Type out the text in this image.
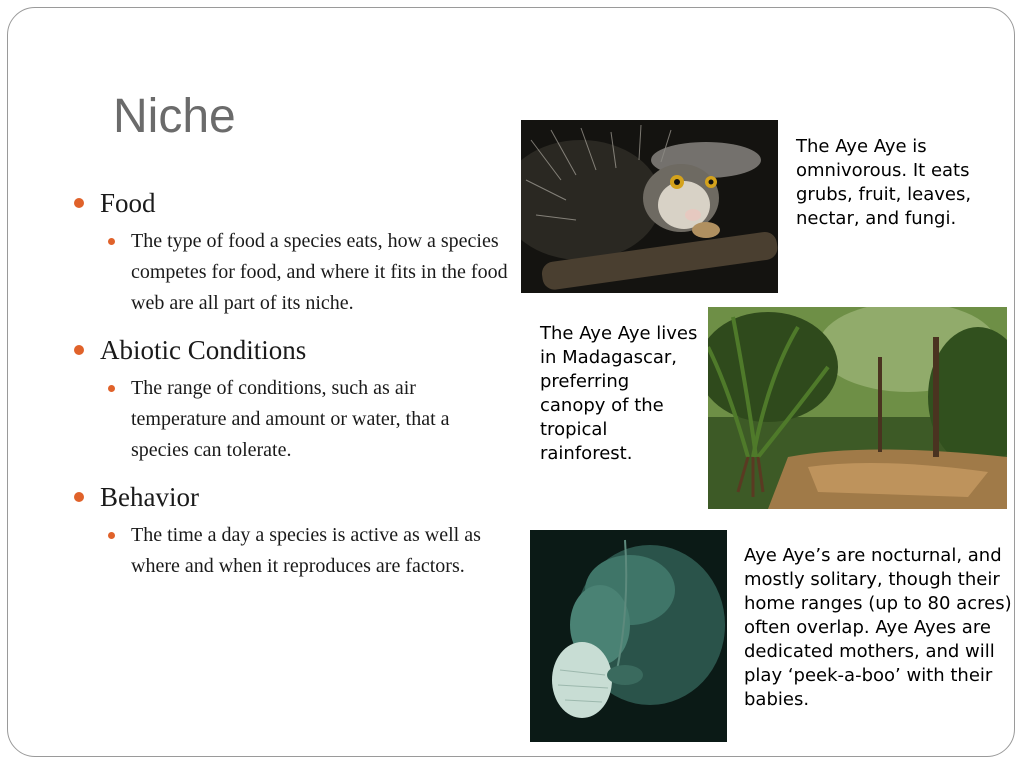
Niche
Food
The type of food a species eats, how a species competes for food, and where it fits in the food web are all part of its niche.
Abiotic Conditions
The range of conditions, such as air temperature and amount or water, that a species can tolerate.
Behavior
The time a day a species is active as well as where and when it reproduces are factors.

The Aye Aye is omnivorous. It eats grubs, fruit, leaves, nectar, and fungi.

The Aye Aye lives in Madagascar, preferring canopy of the tropical rainforest.

Aye Aye’s are nocturnal, and mostly solitary, though their home ranges (up to 80 acres) often overlap. Aye Ayes are dedicated mothers, and will play ‘peek-a-boo’ with their babies.
